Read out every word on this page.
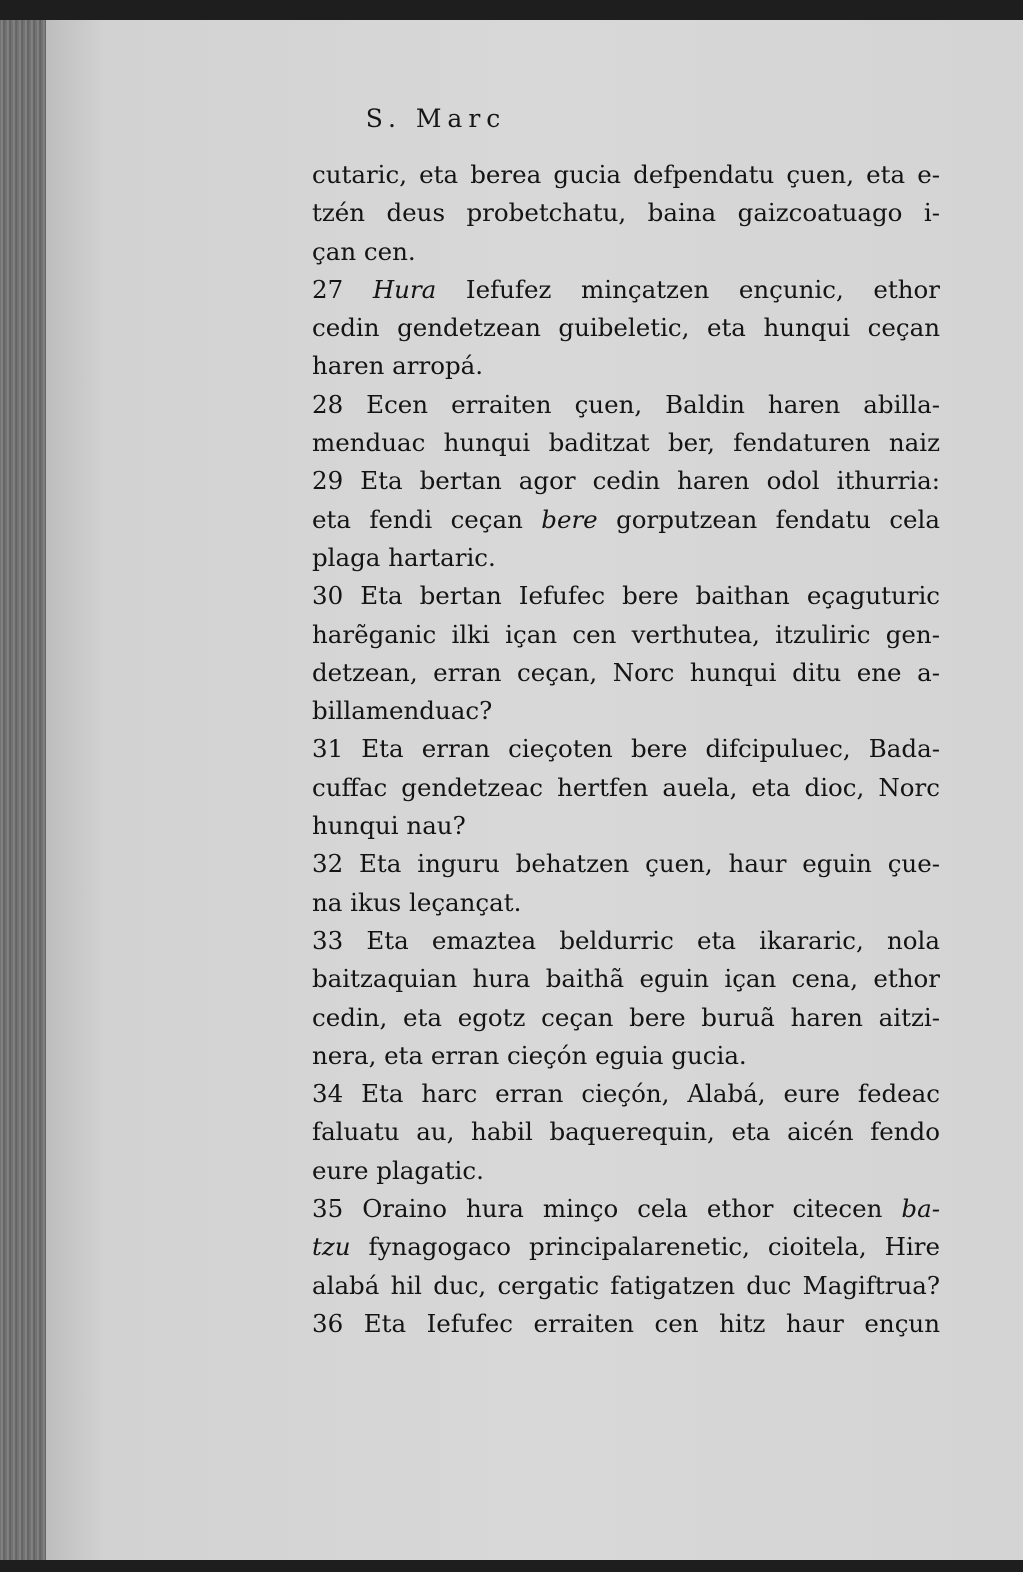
S. Marc
cutaric, eta berea gucia defpendatu çuen, eta e-
tzén deus probetchatu, baina gaizcoatuago i-
çan cen.
27 Hura Iefufez minçatzen ençunic, ethor
cedin gendetzean guibeletic, eta hunqui ceçan
haren arropá.
28 Ecen erraiten çuen, Baldin haren abilla-
menduac hunqui baditzat ber, fendaturen naiz
29 Eta bertan agor cedin haren odol ithurria:
eta fendi ceçan bere gorputzean fendatu cela
plaga hartaric.
30 Eta bertan Iefufec bere baithan eçaguturic
harẽganic ilki içan cen verthutea, itzuliric gen-
detzean, erran ceçan, Norc hunqui ditu ene a-
billamenduac?
31 Eta erran cieçoten bere difcipuluec, Bada-
cuffac gendetzeac hertfen auela, eta dioc, Norc
hunqui nau?
32 Eta inguru behatzen çuen, haur eguin çue-
na ikus leçançat.
33 Eta emaztea beldurric eta ikararic, nola
baitzaquian hura baithã eguin içan cena, ethor
cedin, eta egotz ceçan bere buruã haren aitzi-
nera, eta erran cieçón eguia gucia.
34 Eta harc erran cieçón, Alabá, eure fedeac
faluatu au, habil baquerequin, eta aicén fendo
eure plagatic.
35 Oraino hura minço cela ethor citecen ba-
tzu fynagogaco principalarenetic, cioitela, Hire
alabá hil duc, cergatic fatigatzen duc Magiftrua?
36 Eta Iefufec erraiten cen hitz haur ençun
